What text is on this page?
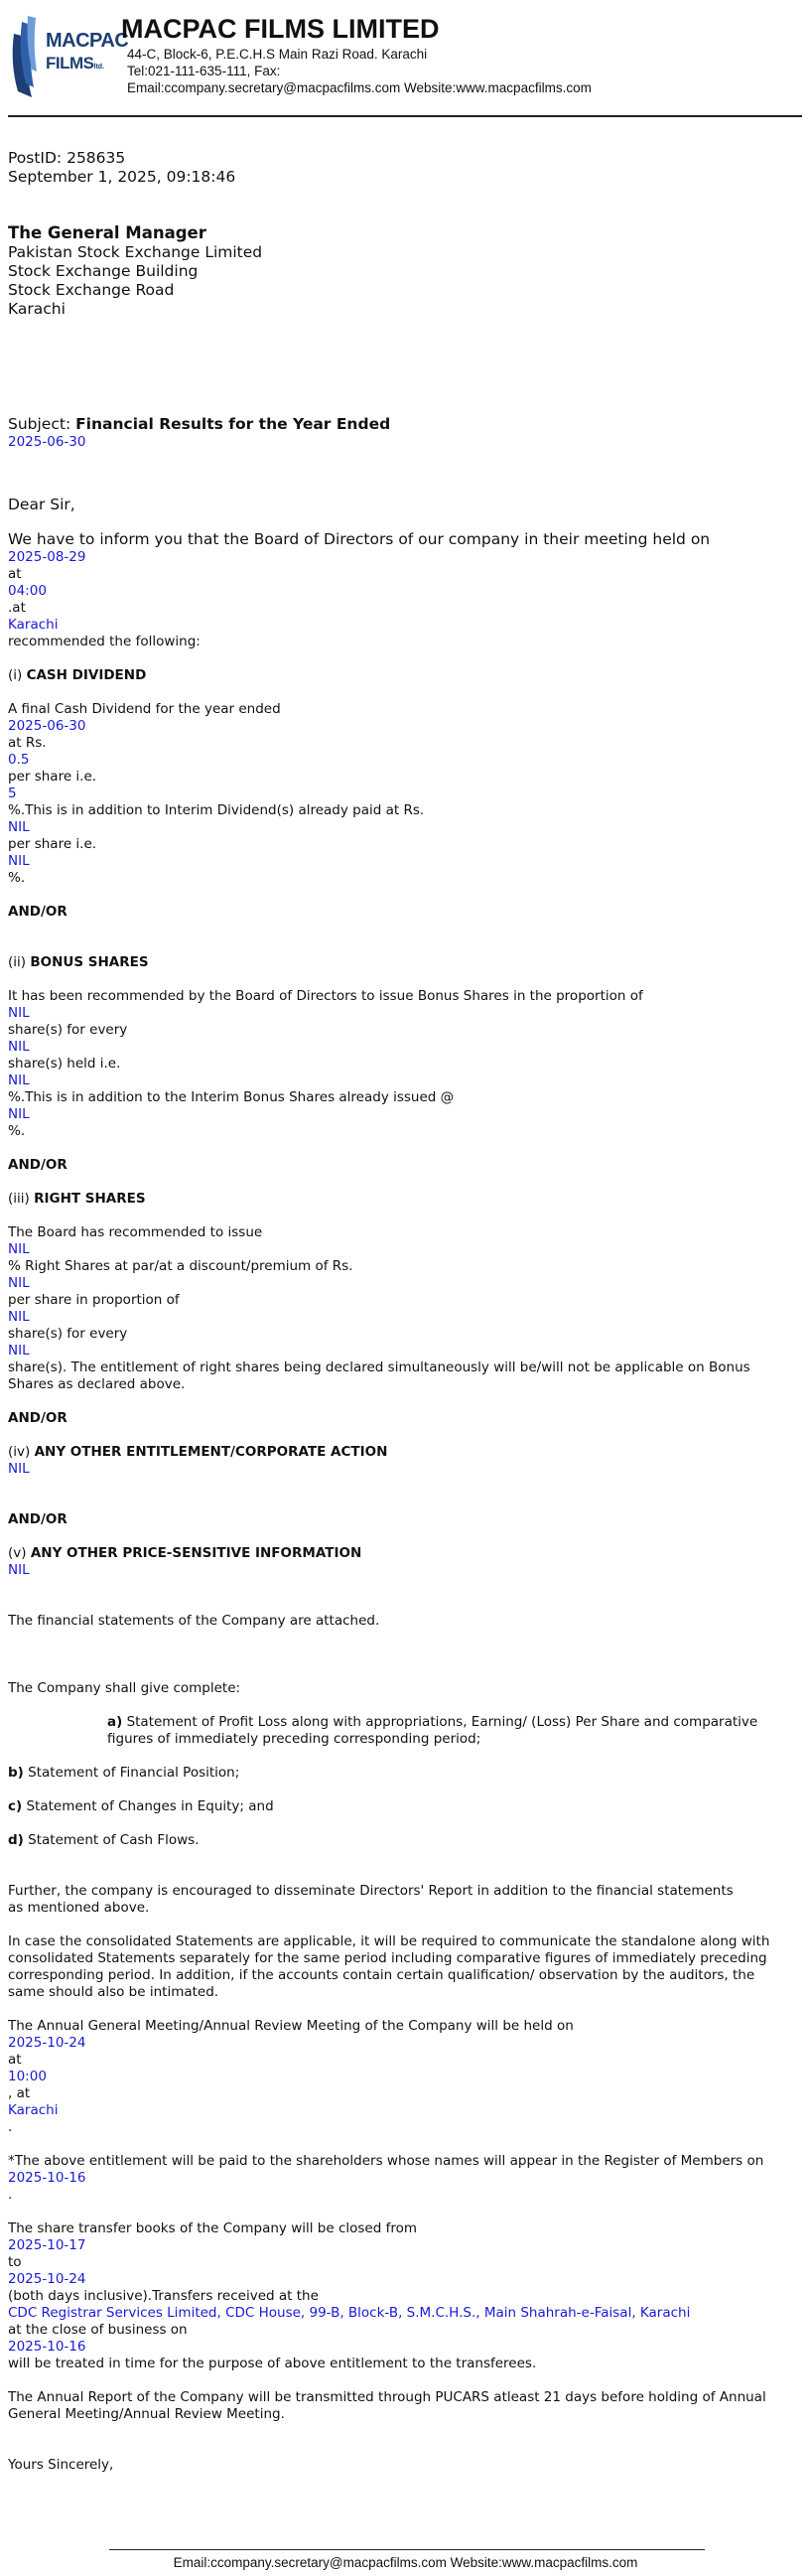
MACPAC
FILMSltd.
MACPAC FILMS LIMITED
44-C, Block-6, P.E.C.H.S Main Razi Road. Karachi
Tel:021-111-635-111, Fax:
Email:ccompany.secretary@macpacfilms.com Website:www.macpacfilms.com

PostID: 258635

September 1, 2025, 09:18:46

The General Manager

Pakistan Stock Exchange Limited

Stock Exchange Building

Stock Exchange Road

Karachi

Subject: Financial Results for the Year Ended

2025-06-30

Dear Sir,

We have to inform you that the Board of Directors of our company in their meeting held on

2025-08-29

at

04:00

.at

Karachi

recommended the following:

(i) CASH DIVIDEND

A final Cash Dividend for the year ended

2025-06-30

at Rs.

0.5

per share i.e.

5

%.This is in addition to Interim Dividend(s) already paid at Rs.

NIL

per share i.e.

NIL

%.

AND/OR

(ii) BONUS SHARES

It has been recommended by the Board of Directors to issue Bonus Shares in the proportion of

NIL

share(s) for every

NIL

share(s) held i.e.

NIL

%.This is in addition to the Interim Bonus Shares already issued @

NIL

%.

AND/OR

(iii) RIGHT SHARES

The Board has recommended to issue

NIL

% Right Shares at par/at a discount/premium of Rs.

NIL

per share in proportion of

NIL

share(s) for every

NIL

share(s). The entitlement of right shares being declared simultaneously will be/will not be applicable on Bonus

Shares as declared above.

AND/OR

(iv) ANY OTHER ENTITLEMENT/CORPORATE ACTION

NIL

AND/OR

(v) ANY OTHER PRICE-SENSITIVE INFORMATION

NIL

The financial statements of the Company are attached.

The Company shall give complete:

a) Statement of Profit Loss along with appropriations, Earning/ (Loss) Per Share and comparative

figures of immediately preceding corresponding period;

b) Statement of Financial Position;

c) Statement of Changes in Equity; and

d) Statement of Cash Flows.

Further, the company is encouraged to disseminate Directors' Report in addition to the financial statements

as mentioned above.

In case the consolidated Statements are applicable, it will be required to communicate the standalone along with

consolidated Statements separately for the same period including comparative figures of immediately preceding

corresponding period. In addition, if the accounts contain certain qualification/ observation by the auditors, the

same should also be intimated.

The Annual General Meeting/Annual Review Meeting of the Company will be held on

2025-10-24

at

10:00

, at

Karachi

.

*The above entitlement will be paid to the shareholders whose names will appear in the Register of Members on

2025-10-16

.

The share transfer books of the Company will be closed from

2025-10-17

to

2025-10-24

(both days inclusive).Transfers received at the

CDC Registrar Services Limited, CDC House, 99-B, Block-B, S.M.C.H.S., Main Shahrah-e-Faisal, Karachi

at the close of business on

2025-10-16

will be treated in time for the purpose of above entitlement to the transferees.

The Annual Report of the Company will be transmitted through PUCARS atleast 21 days before holding of Annual

General Meeting/Annual Review Meeting.

Yours Sincerely,

Email:ccompany.secretary@macpacfilms.com Website:www.macpacfilms.com
